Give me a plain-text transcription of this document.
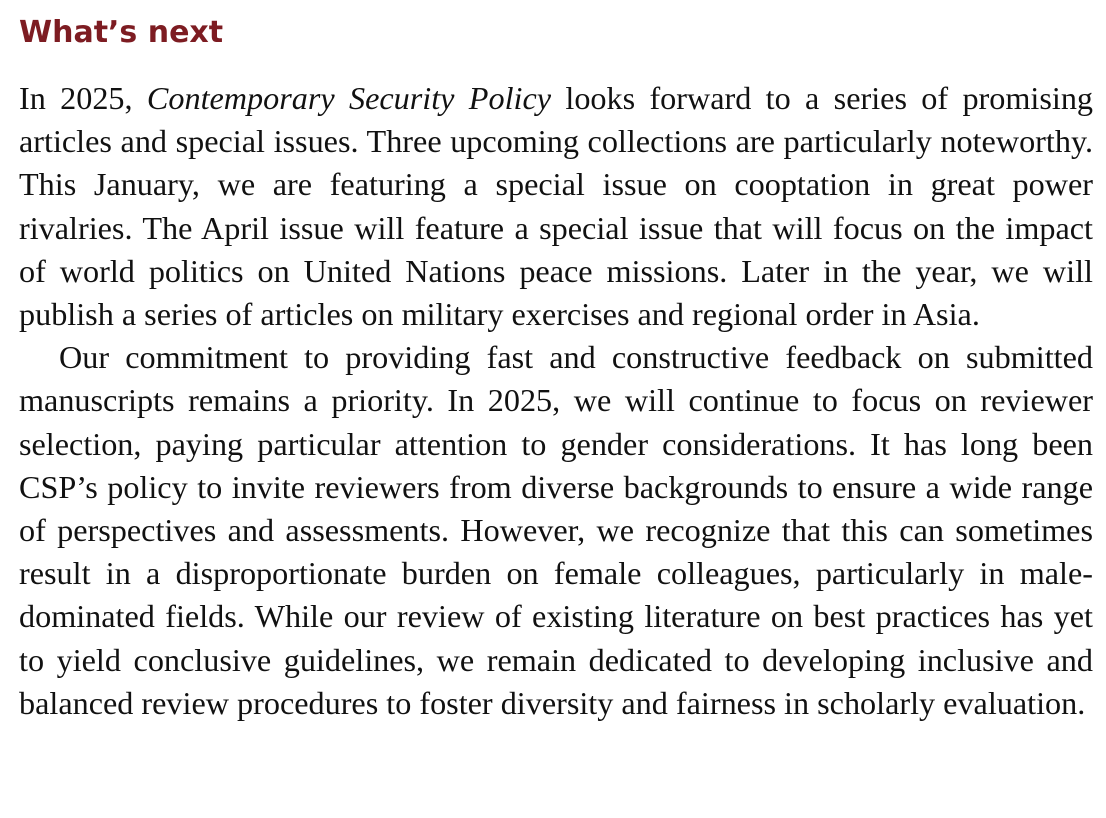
What’s next

In 2025, Contemporary Security Policy looks forward to a series of promising articles and special issues. Three upcoming collections are particularly noteworthy. This January, we are featuring a special issue on cooptation in great power rivalries. The April issue will feature a special issue that will focus on the impact of world politics on United Nations peace missions. Later in the year, we will publish a series of articles on military exercises and regional order in Asia.

Our commitment to providing fast and constructive feedback on submitted manuscripts remains a priority. In 2025, we will continue to focus on reviewer selection, paying particular attention to gender considerations. It has long been CSP’s policy to invite reviewers from diverse backgrounds to ensure a wide range of perspectives and assessments. However, we recognize that this can sometimes result in a disproportionate burden on female colleagues, particularly in male-dominated fields. While our review of existing literature on best practices has yet to yield conclusive guidelines, we remain dedicated to developing inclusive and balanced review procedures to foster diversity and fairness in scholarly evaluation.
